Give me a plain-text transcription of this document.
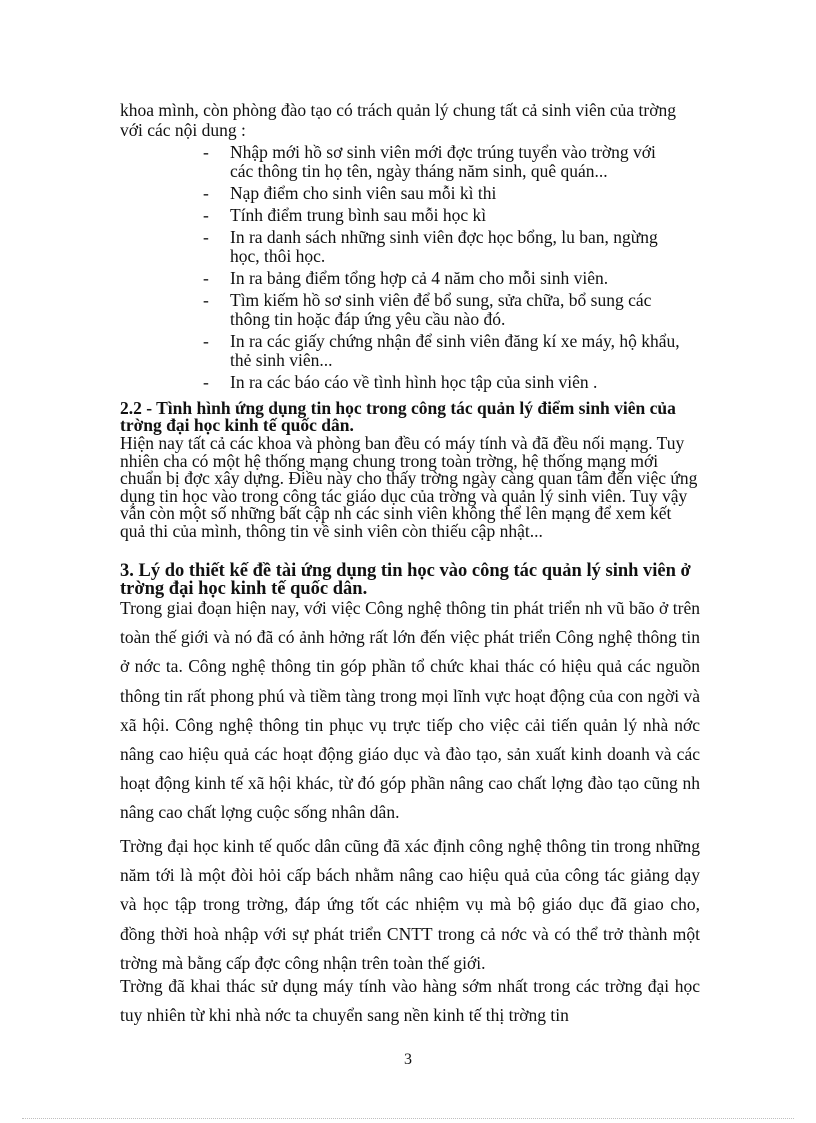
khoa mình, còn phòng đào tạo có trách quản lý chung tất cả sinh viên của trờng với các nội dung :

- Nhập mới hồ sơ sinh viên mới đợc trúng tuyển vào trờng với các thông tin họ tên, ngày tháng năm sinh, quê quán...
- Nạp điểm cho sinh viên sau mỗi kì thi
- Tính điểm trung bình sau mỗi học kì
- In ra danh sách những sinh viên đợc học bổng, lu ban, ngừng học, thôi học.
- In ra bảng điểm tổng hợp cả 4 năm cho mỗi sinh viên.
- Tìm kiếm hồ sơ sinh viên để bổ sung, sửa chữa, bổ sung các thông tin hoặc đáp ứng yêu cầu nào đó.
- In ra các giấy chứng nhận để sinh viên đăng kí xe máy, hộ khẩu, thẻ sinh viên...
- In ra các báo cáo về tình hình học tập của sinh viên .

2.2 - Tình hình ứng dụng tin học trong công tác quản lý điểm sinh viên của trờng đại học kinh tế quốc dân.

Hiện nay tất cả các khoa và phòng ban đều có máy tính và đã đều nối mạng. Tuy nhiên cha có một hệ thống mạng chung trong toàn trờng, hệ thống mạng mới chuẩn bị đợc xây dựng. Điều này cho thấy trờng ngày càng quan tâm đến việc ứng dụng tin học vào trong công tác giáo dục của trờng và quản lý sinh viên. Tuy vậy vẫn còn một số những bất cập nh các sinh viên không thể lên mạng để xem kết quả thi của mình, thông tin về sinh viên còn thiếu cập nhật...

3. Lý do thiết kế đề tài ứng dụng tin học vào công tác quản lý sinh viên ở trờng đại học kinh tế quốc dân.

Trong giai đoạn hiện nay, với việc Công nghệ thông tin phát triển nh vũ bão ở trên toàn thế giới và nó đã có ảnh hởng rất lớn đến việc phát triển Công nghệ thông tin ở nớc ta. Công nghệ thông tin góp phần tổ chức khai thác có hiệu quả các nguồn thông tin rất phong phú và tiềm tàng trong mọi lĩnh vực hoạt động của con ngời và xã hội. Công nghệ thông tin phục vụ trực tiếp cho việc cải tiến quản lý nhà nớc nâng cao hiệu quả các hoạt động giáo dục và đào tạo, sản xuất kinh doanh và các hoạt động kinh tế xã hội khác, từ đó góp phần nâng cao chất lợng đào tạo cũng nh nâng cao chất lợng cuộc sống nhân dân.

Trờng đại học kinh tế quốc dân cũng đã xác định công nghệ thông tin trong những năm tới là một đòi hỏi cấp bách nhằm nâng cao hiệu quả của công tác giảng dạy và học tập trong trờng, đáp ứng tốt các nhiệm vụ mà bộ giáo dục đã giao cho, đồng thời hoà nhập với sự phát triển CNTT trong cả nớc và có thể trở thành một trờng mà bằng cấp đợc công nhận trên toàn thế giới.

Trờng đã khai thác sử dụng máy tính vào hàng sớm nhất trong các trờng đại học tuy nhiên từ khi nhà nớc ta chuyển sang nền kinh tế thị trờng tin

3
